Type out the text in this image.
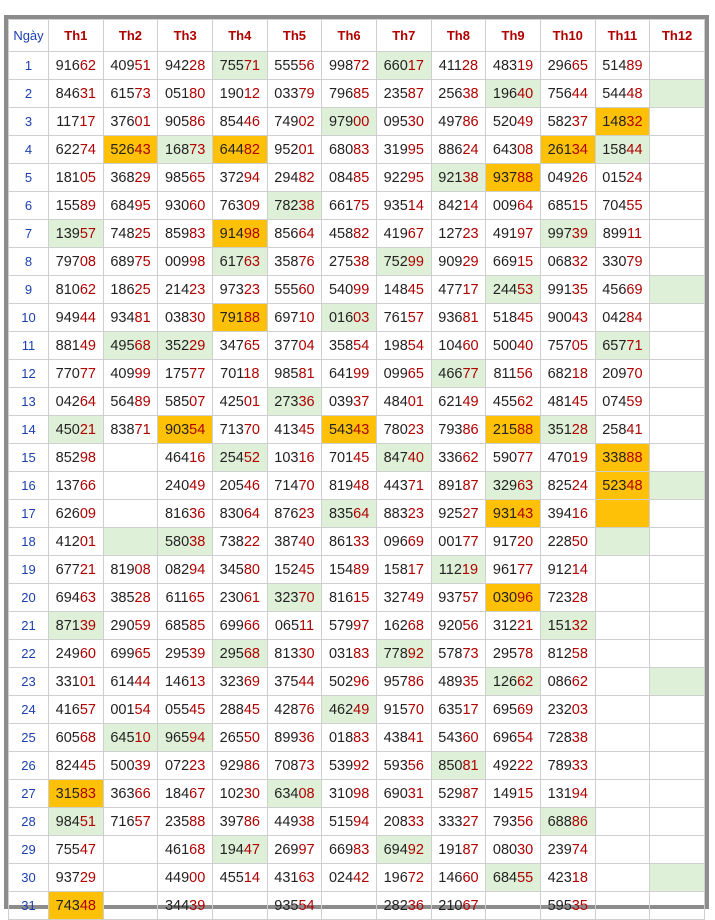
Ngày	Th1	Th2	Th3	Th4	Th5	Th6	Th7	Th8	Th9	Th10	Th11	Th12
1	91662	40951	94228	75571	55556	99872	66017	41128	48319	29665	51489	
2	84631	61573	05180	19012	03379	79685	23587	25638	19640	75644	54448	
3	11717	37601	90586	85446	74902	97900	09530	49786	52049	58237	14832	
4	62274	52643	16873	64482	95201	68083	31995	88624	64308	26134	15844	
5	18105	36829	98565	37294	29482	08485	92295	92138	93788	04926	01524	
6	15589	68495	93060	76309	78238	66175	93514	84214	00964	68515	70455	
7	13957	74825	85983	91498	85664	45882	41967	12723	49197	99739	89911	
8	79708	68975	00998	61763	35876	27538	75299	90929	66915	06832	33079	
9	81062	18625	21423	97323	55560	54099	14845	47717	24453	99135	45669	
10	94944	93481	03830	79188	69710	01603	76157	93681	51845	90043	04284	
11	88149	49568	35229	34765	37704	35854	19854	10460	50040	75705	65771	
12	77077	40999	17577	70118	98581	64199	09965	46677	81156	68218	20970	
13	04264	56489	58507	42501	27336	03937	48401	62149	45562	48145	07459	
14	45021	83871	90354	71370	41345	54343	78023	79386	21588	35128	25841	
15	85298		46416	25452	10316	70145	84740	33662	59077	47019	33888	
16	13766		24049	20546	71470	81948	44371	89187	32963	82524	52348	
17	62609		81636	83064	87623	83564	88323	92527	93143	39416		
18	41201		58038	73822	38740	86133	09669	00177	91720	22850		
19	67721	81908	08294	34580	15245	15489	15817	11219	96177	91214		
20	69463	38528	61165	23061	32370	81615	32749	93757	03096	72328		
21	87139	29059	68585	69966	06511	57997	16268	92056	31221	15132		
22	24960	69965	29539	29568	81330	03183	77892	57873	29578	81258		
23	33101	61444	14613	32369	37544	50296	95786	48935	12662	08662		
24	41657	00154	05545	28845	42876	46249	91570	63517	69569	23203		
25	60568	64510	96594	26550	89936	01883	43841	54360	69654	72838		
26	82445	50039	07223	92986	70873	53992	59356	85081	49222	78933		
27	31583	36366	18467	10230	63408	31098	69031	52987	14915	13194		
28	98451	71657	23588	39786	44938	51594	20833	33327	79356	68886		
29	75547		46168	19447	26997	66983	69492	19187	08030	23974		
30	93729		44900	45514	43163	02442	19672	14660	68455	42318		
31	74348		34439		93554		28236	21067		59535		
